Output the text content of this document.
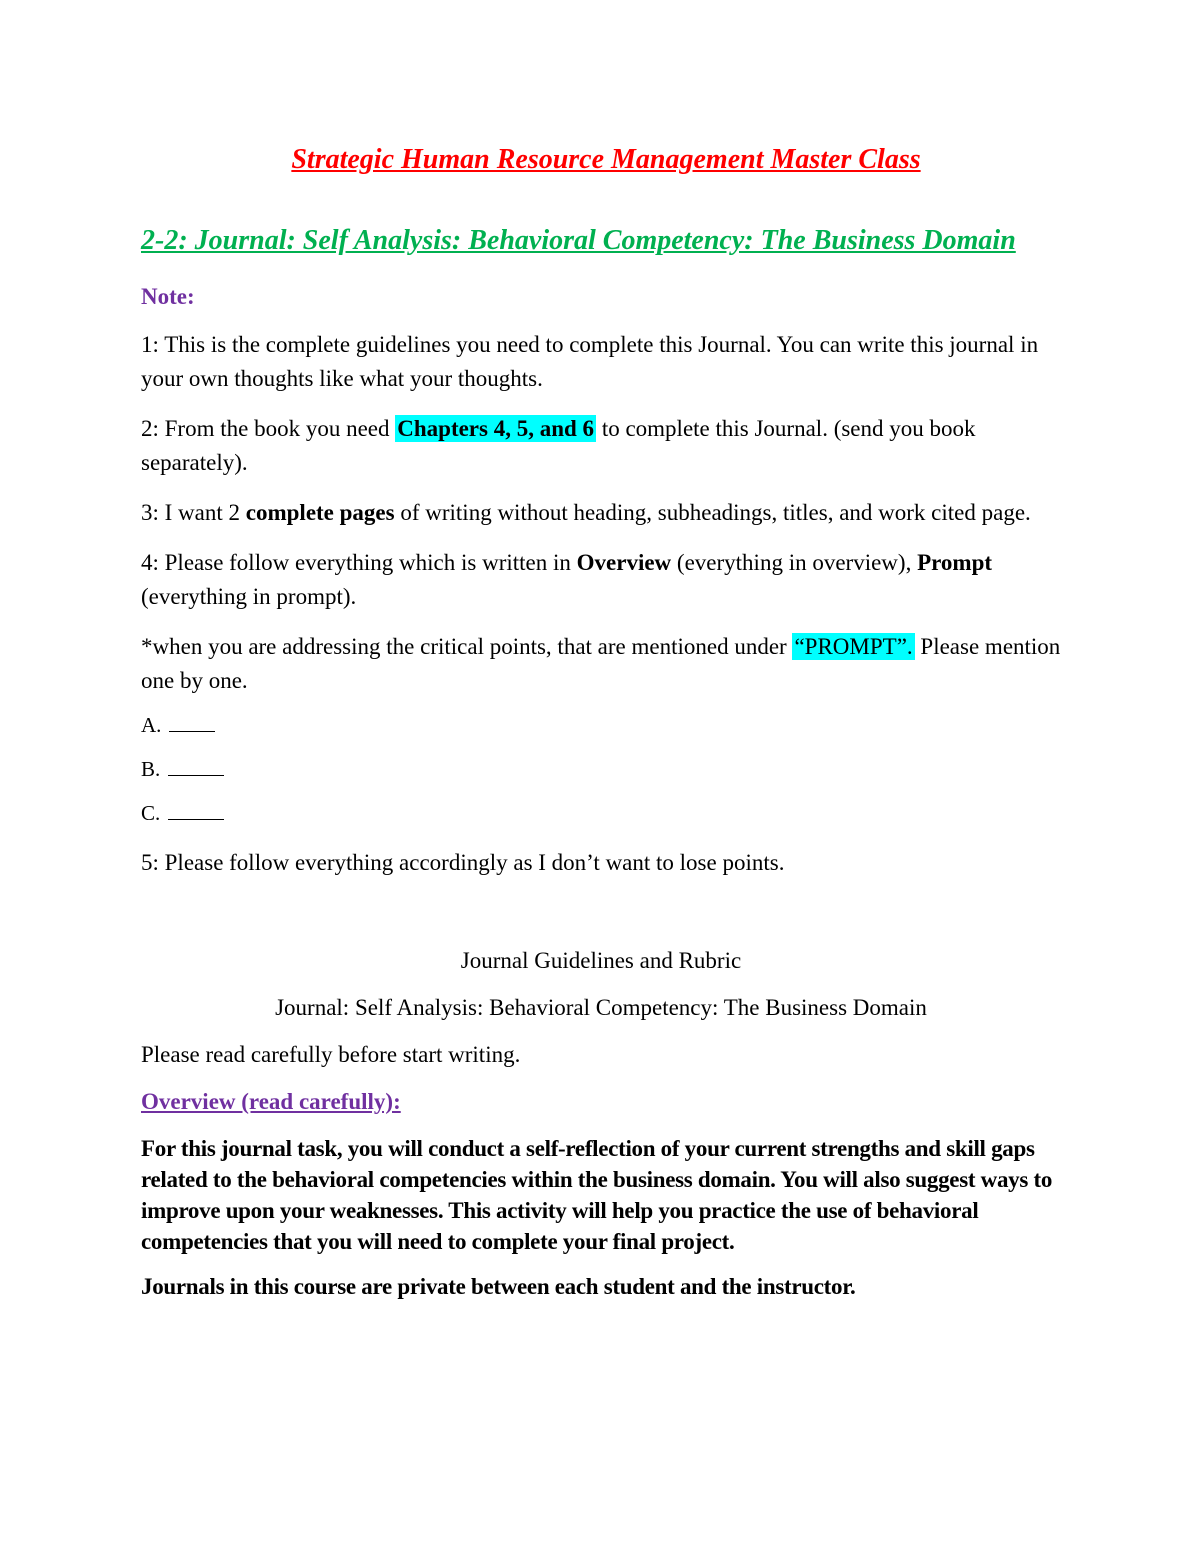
Strategic Human Resource Management Master Class
2-2: Journal: Self Analysis: Behavioral Competency: The Business Domain

Note:

1: This is the complete guidelines you need to complete this Journal. You can write this journal in your own thoughts like what your thoughts.

2: From the book you need Chapters 4, 5, and 6 to complete this Journal. (send you book separately).

3: I want 2 complete pages of writing without heading, subheadings, titles, and work cited page.

4: Please follow everything which is written in Overview (everything in overview), Prompt (everything in prompt).

*when you are addressing the critical points, that are mentioned under “PROMPT”. Please mention one by one.

A.

B.

C.

5: Please follow everything accordingly as I don’t want to lose points.

Journal Guidelines and Rubric

Journal: Self Analysis: Behavioral Competency: The Business Domain

Please read carefully before start writing.

Overview (read carefully):

For this journal task, you will conduct a self-reflection of your current strengths and skill gaps related to the behavioral competencies within the business domain. You will also suggest ways to improve upon your weaknesses. This activity will help you practice the use of behavioral competencies that you will need to complete your final project.

Journals in this course are private between each student and the instructor.
